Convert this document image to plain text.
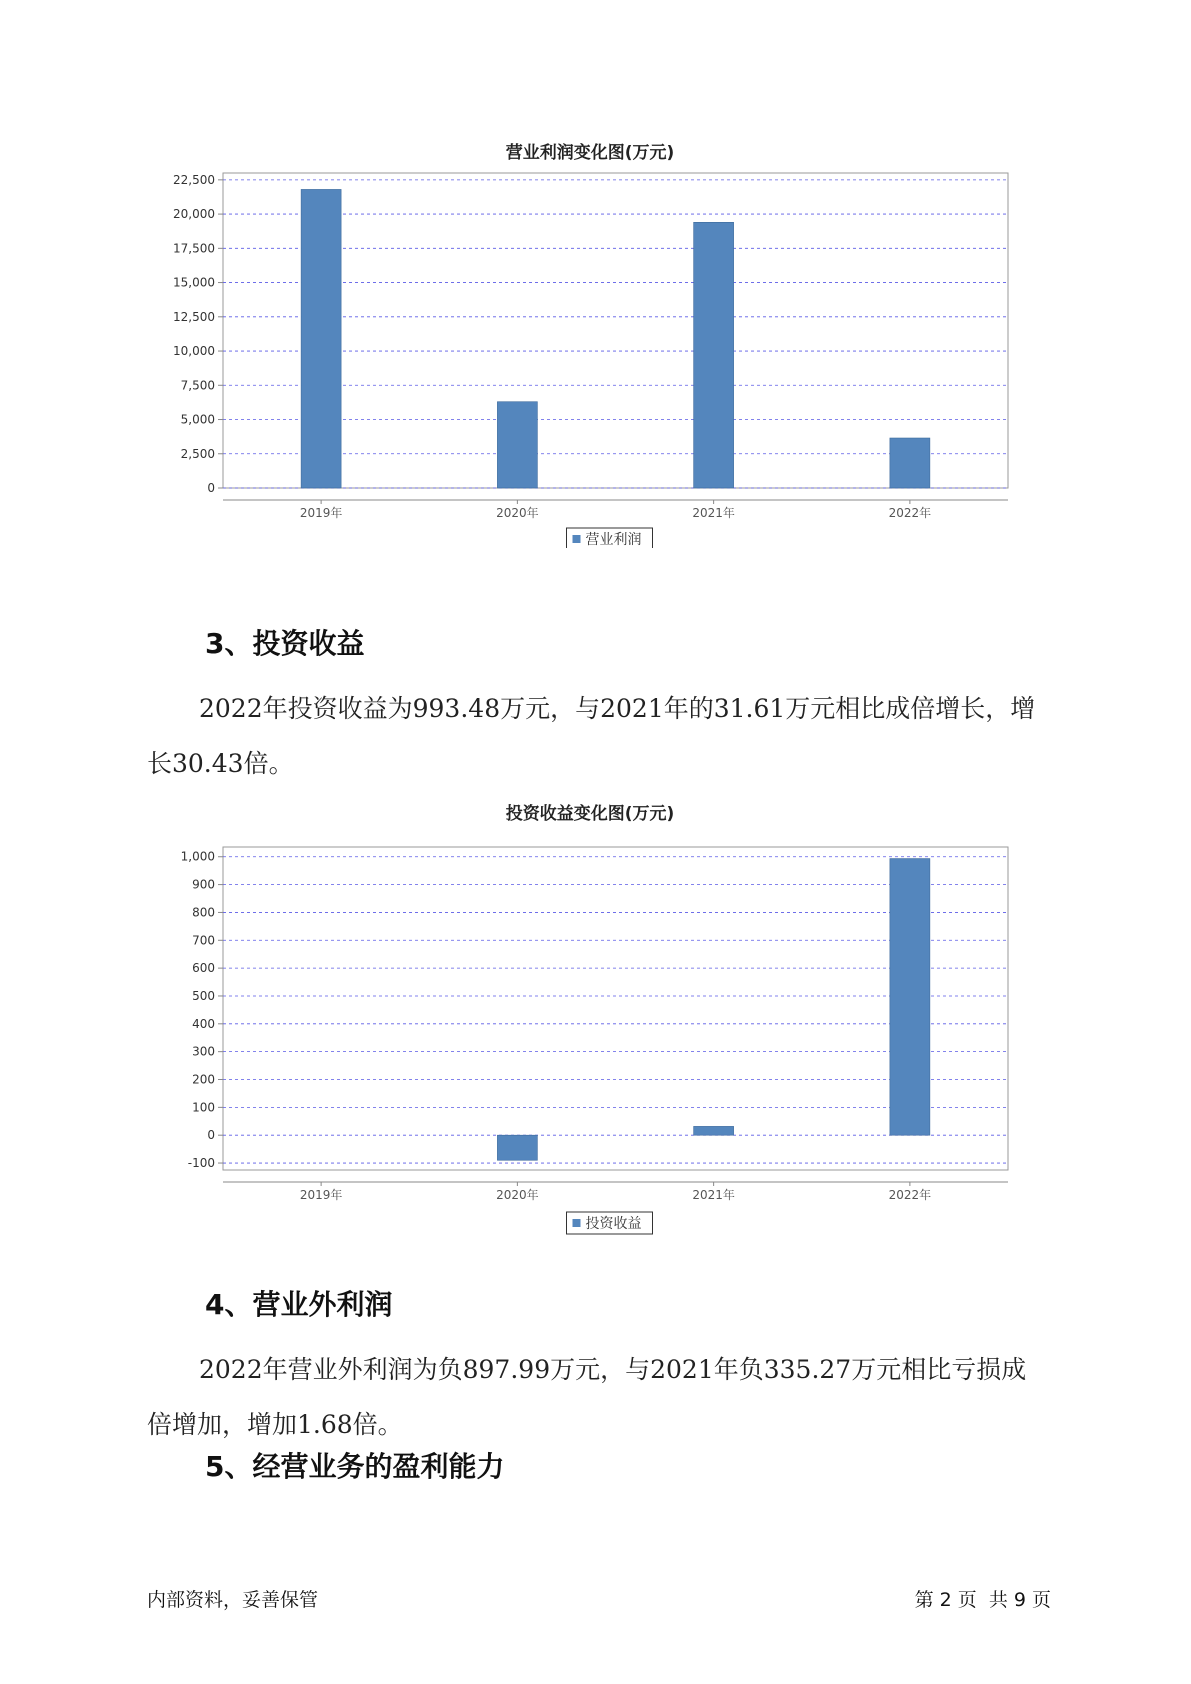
营业利润变化图(万元)
0
2,500
5,000
7,500
10,000
12,500
15,000
17,500
20,000
22,500
2019年	2020年	2021年	2022年
营业利润
3、投资收益
2022年投资收益为993.48万元，与2021年的31.61万元相比成倍增长，增长30.43倍。
投资收益变化图(万元)
-100
0
100
200
300
400
500
600
700
800
900
1,000
2019年	2020年	2021年	2022年
投资收益
4、营业外利润
2022年营业外利润为负897.99万元，与2021年负335.27万元相比亏损成倍增加，增加1.68倍。
5、经营业务的盈利能力
内部资料，妥善保管	第 2 页  共 9 页
